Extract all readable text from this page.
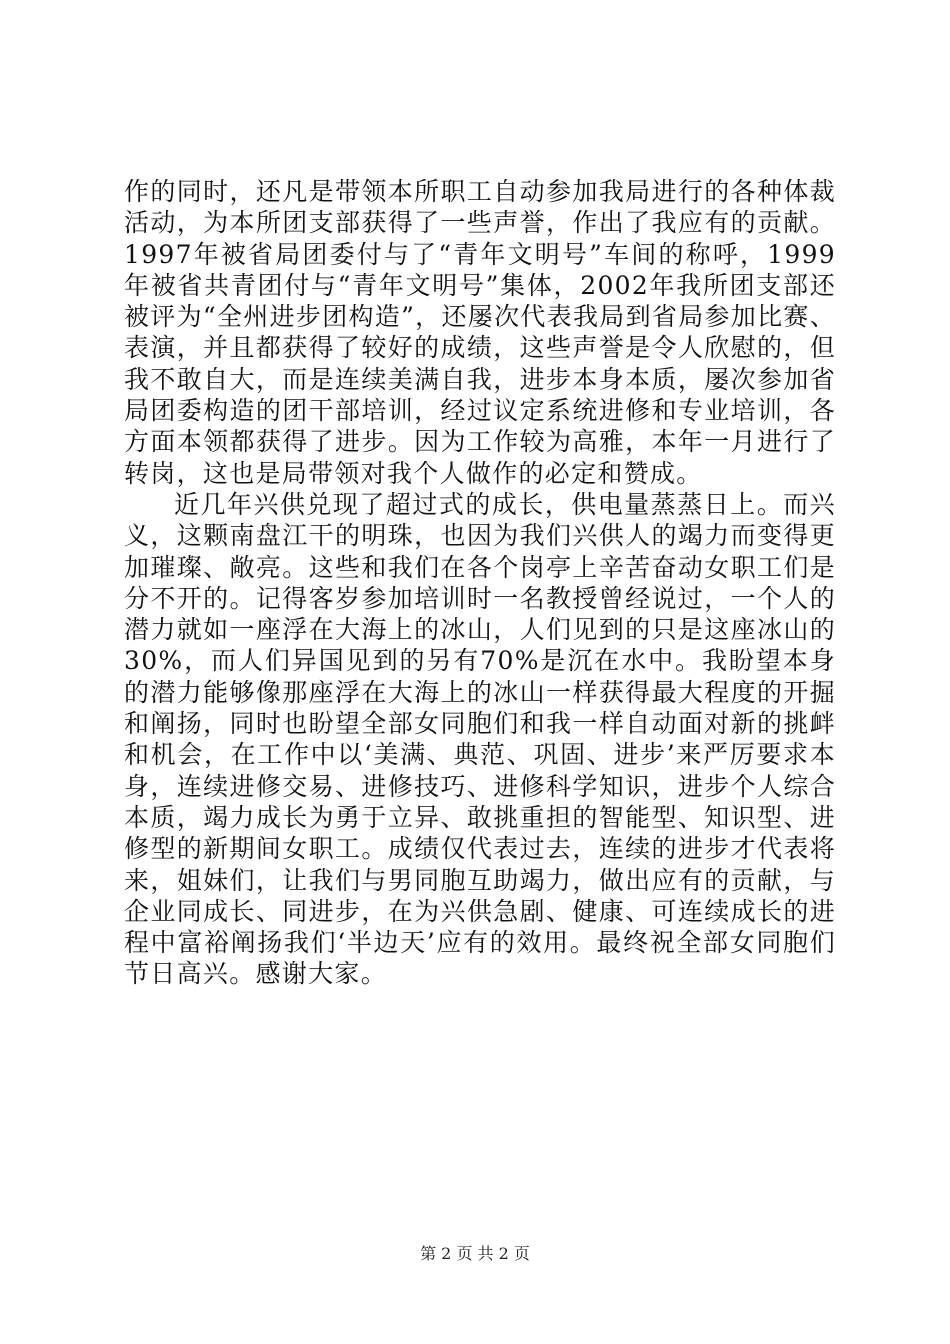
作的同时，还凡是带领本所职工自动参加我局进行的各种体裁活动，为本所团支部获得了一些声誉，作出了我应有的贡献。1997年被省局团委付与了“青年文明号”车间的称呼，1999年被省共青团付与“青年文明号”集体，2002年我所团支部还被评为“全州进步团构造”，还屡次代表我局到省局参加比赛、表演，并且都获得了较好的成绩，这些声誉是令人欣慰的，但我不敢自大，而是连续美满自我，进步本身本质，屡次参加省局团委构造的团干部培训，经过议定系统进修和专业培训，各方面本领都获得了进步。因为工作较为高雅，本年一月进行了转岗，这也是局带领对我个人做作的必定和赞成。

近几年兴供兑现了超过式的成长，供电量蒸蒸日上。而兴义，这颗南盘江干的明珠，也因为我们兴供人的竭力而变得更加璀璨、敞亮。这些和我们在各个岗亭上辛苦奋动女职工们是分不开的。记得客岁参加培训时一名教授曾经说过，一个人的潜力就如一座浮在大海上的冰山，人们见到的只是这座冰山的30%，而人们异国见到的另有70%是沉在水中。我盼望本身的潜力能够像那座浮在大海上的冰山一样获得最大程度的开掘和阐扬，同时也盼望全部女同胞们和我一样自动面对新的挑衅和机会，在工作中以‘美满、典范、巩固、进步’来严厉要求本身，连续进修交易、进修技巧、进修科学知识，进步个人综合本质，竭力成长为勇于立异、敢挑重担的智能型、知识型、进修型的新期间女职工。成绩仅代表过去，连续的进步才代表将来，姐妹们，让我们与男同胞互助竭力，做出应有的贡献，与企业同成长、同进步，在为兴供急剧、健康、可连续成长的进程中富裕阐扬我们‘半边天’应有的效用。最终祝全部女同胞们节日高兴。感谢大家。

第 2 页 共 2 页
